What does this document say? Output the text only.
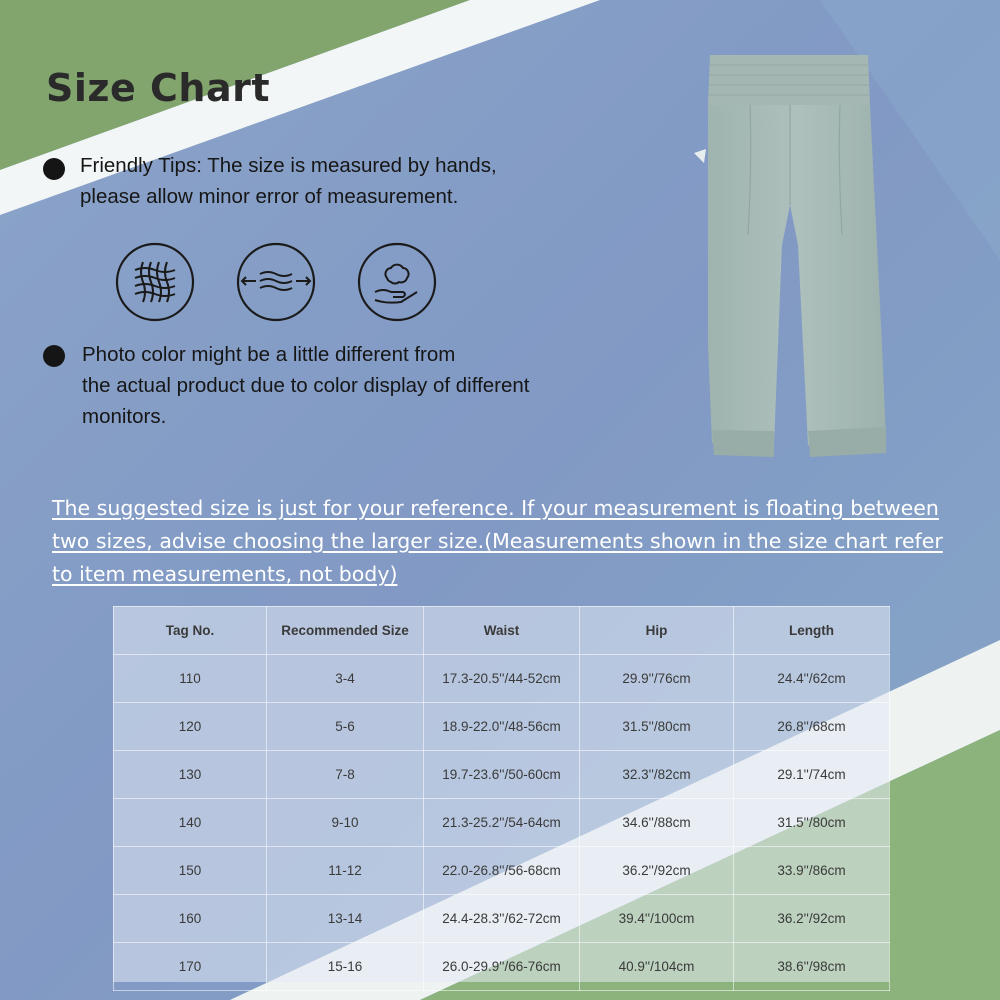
Size Chart
Friendly Tips: The size is measured by hands,
please allow minor error of measurement.
Photo color might be a little different from
the actual product due to color display of different
monitors.
The suggested size is just for your reference. If your measurement is floating between
two sizes, advise choosing the larger size.(Measurements shown in the size chart refer
to item measurements, not body)
Tag No.	Recommended Size	Waist	Hip	Length
110	3-4	17.3-20.5''/44-52cm	29.9''/76cm	24.4''/62cm
120	5-6	18.9-22.0''/48-56cm	31.5''/80cm	26.8''/68cm
130	7-8	19.7-23.6''/50-60cm	32.3''/82cm	29.1''/74cm
140	9-10	21.3-25.2''/54-64cm	34.6''/88cm	31.5''/80cm
150	11-12	22.0-26.8''/56-68cm	36.2''/92cm	33.9''/86cm
160	13-14	24.4-28.3''/62-72cm	39.4''/100cm	36.2''/92cm
170	15-16	26.0-29.9''/66-76cm	40.9''/104cm	38.6''/98cm
